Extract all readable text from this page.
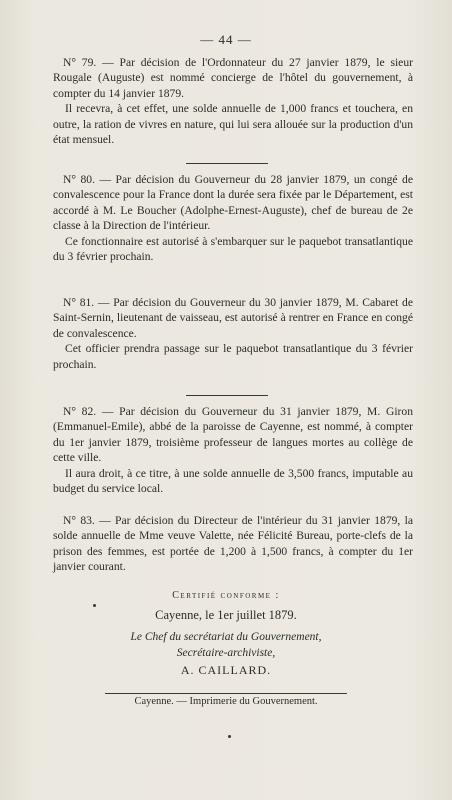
— 44 —

N° 79. — Par décision de l'Ordonnateur du 27 janvier 1879, le sieur Rougale (Auguste) est nommé concierge de l'hôtel du gouvernement, à compter du 14 janvier 1879.

Il recevra, à cet effet, une solde annuelle de 1,000 francs et touchera, en outre, la ration de vivres en nature, qui lui sera allouée sur la production d'un état mensuel.

N° 80. — Par décision du Gouverneur du 28 janvier 1879, un congé de convalescence pour la France dont la durée sera fixée par le Département, est accordé à M. Le Boucher (Adolphe-Ernest-Auguste), chef de bureau de 2e classe à la Direction de l'intérieur.

Ce fonctionnaire est autorisé à s'embarquer sur le paquebot transatlantique du 3 février prochain.

N° 81. — Par décision du Gouverneur du 30 janvier 1879, M. Cabaret de Saint-Sernin, lieutenant de vaisseau, est autorisé à rentrer en France en congé de convalescence.

Cet officier prendra passage sur le paquebot transatlantique du 3 février prochain.

N° 82. — Par décision du Gouverneur du 31 janvier 1879, M. Giron (Emmanuel-Emile), abbé de la paroisse de Cayenne, est nommé, à compter du 1er janvier 1879, troisième professeur de langues mortes au collège de cette ville.

Il aura droit, à ce titre, à une solde annuelle de 3,500 francs, imputable au budget du service local.

N° 83. — Par décision du Directeur de l'intérieur du 31 janvier 1879, la solde annuelle de Mme veuve Valette, née Félicité Bureau, porte-clefs de la prison des femmes, est portée de 1,200 à 1,500 francs, à compter du 1er janvier courant.

Certifié conforme :
Cayenne, le 1er juillet 1879.
Le Chef du secrétariat du Gouvernement,
Secrétaire-archiviste,
A. CAILLARD.
Cayenne. — Imprimerie du Gouvernement.
